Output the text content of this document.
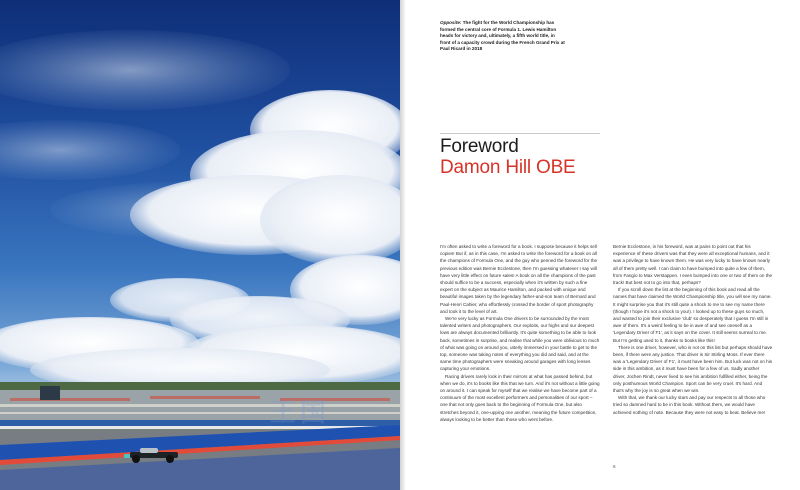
Opposite: The fight for the World Championship has formed the central core of Formula 1. Lewis Hamilton heads for victory and, ultimately, a fifth world title, in front of a capacity crowd during the French Grand Prix at Paul Ricard in 2018
Foreword
Damon Hill OBE

I'm often asked to write a foreword for a book. I suppose because it helps sell copies! But if, as in this case, I'm asked to write the foreword for a book on all the champions of Formula One, and the guy who penned the foreword for the previous edition was Bernie Ecclestone, then I'm guessing whatever I say will have very little effect on future sales! A book on all the champions of the past should suffice to be a success, especially when it's written by such a fine expert on the subject as Maurice Hamilton, and packed with unique and beautiful images taken by the legendary father-and-son team of Bernard and Paul-Henri Cahier, who effortlessly crossed the border of sport photography and took it to the level of art.

We're very lucky as Formula One drivers to be surrounded by the most talented writers and photographers. Our exploits, our highs and our deepest lows are always documented brilliantly. It's quite something to be able to look back, sometimes in surprise, and realise that while you were oblivious to much of what was going on around you, utterly immersed in your battle to get to the top, someone was taking notes of everything you did and said, and at the same time photographers were sneaking around garages with long lenses capturing your emotions.

Racing drivers rarely look in their mirrors at what has passed behind, but when we do, it's to books like this that we turn. And it's not without a little going on around it. I can speak for myself that we realise we have become part of a continuum of the most excellent performers and personalities of our sport – one that not only goes back to the beginning of Formula One, but also stretches beyond it, one-upping one another, meaning the future competition, always looking to be better than those who went before.

Bernie Ecclestone, in his foreword, was at pains to point out that his experience of these drivers was that they were all exceptional humans, and it was a privilege to have known them. He was very lucky to have known nearly all of them pretty well. I can claim to have bumped into quite a few of them, from Fangio to Max Verstappen. I even bumped into one or two of them on the track! But best not to go into that, perhaps?

If you scroll down the list at the beginning of this book and read all the names that have claimed the World Championship title, you will see my name. It might surprise you that it's still quite a shock to me to see my name there (though I hope it's not a shock to you!). I looked up to these guys so much, and wanted to join their exclusive 'club' so desperately that I guess I'm still in awe of them. It's a weird feeling to be in awe of and see oneself as a 'Legendary Driver of F1', as it says on the cover. It still seems surreal to me. But I'm getting used to it, thanks to books like this!

There is one driver, however, who is not on this list but perhaps should have been, if there were any justice. That driver is Sir Stirling Moss. If ever there was a 'Legendary Driver of F1', it must have been him. But luck was not on his side in this ambition, as it must have been for a few of us. Sadly another driver, Jochen Rindt, never lived to see his ambition fulfilled either, being the only posthumous World Champion. Sport can be very cruel. It's hard. And that's why the joy is so great when we win.

With that, we thank our lucky stars and pay our respects to all those who tried so damned hard to be in this book. Without them, we would have achieved nothing of note. Because they were not easy to beat. Believe me!

6
王国
